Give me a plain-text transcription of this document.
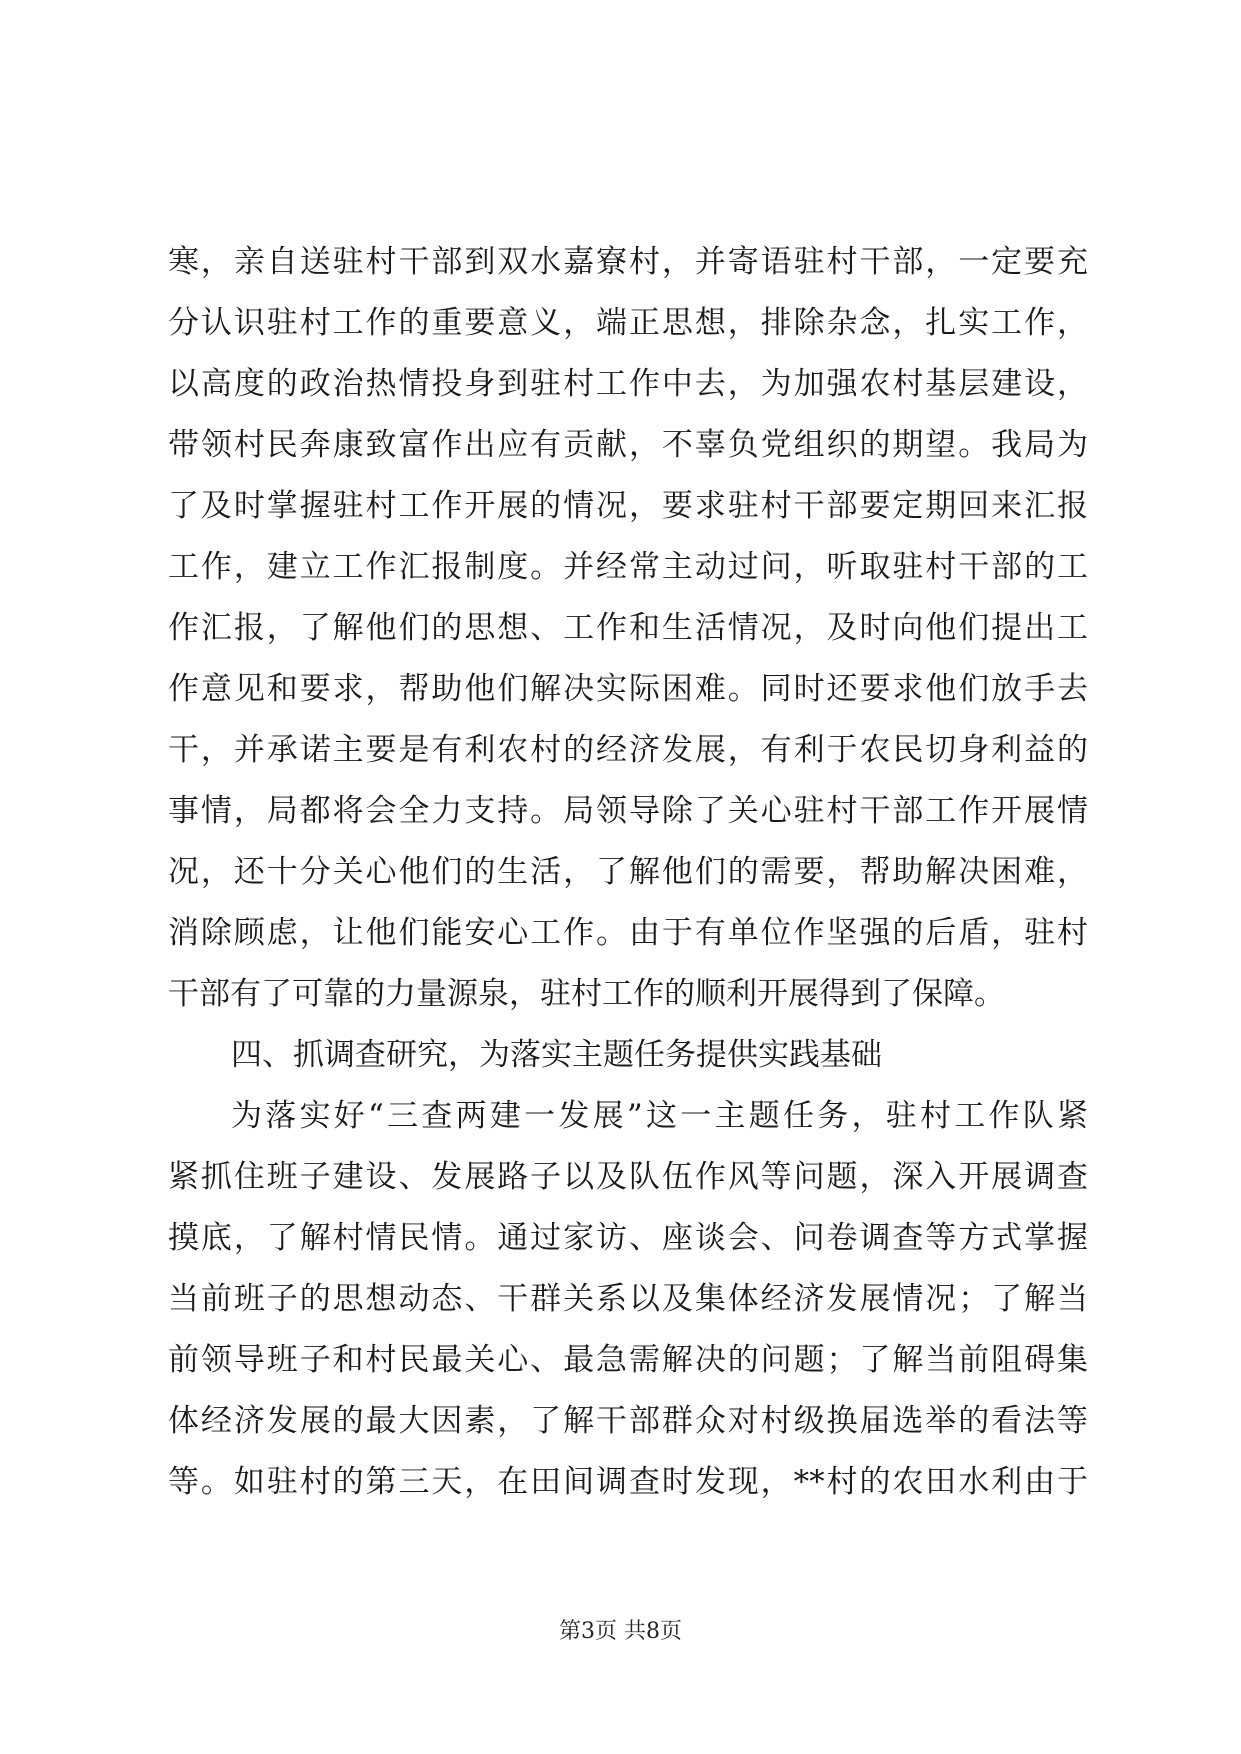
寒，亲自送驻村干部到双水嘉寮村，并寄语驻村干部，一定要充
分认识驻村工作的重要意义，端正思想，排除杂念，扎实工作，
以高度的政治热情投身到驻村工作中去，为加强农村基层建设，
带领村民奔康致富作出应有贡献，不辜负党组织的期望。我局为
了及时掌握驻村工作开展的情况，要求驻村干部要定期回来汇报
工作，建立工作汇报制度。并经常主动过问，听取驻村干部的工
作汇报，了解他们的思想、工作和生活情况，及时向他们提出工
作意见和要求，帮助他们解决实际困难。同时还要求他们放手去
干，并承诺主要是有利农村的经济发展，有利于农民切身利益的
事情，局都将会全力支持。局领导除了关心驻村干部工作开展情
况，还十分关心他们的生活，了解他们的需要，帮助解决困难，
消除顾虑，让他们能安心工作。由于有单位作坚强的后盾，驻村
干部有了可靠的力量源泉，驻村工作的顺利开展得到了保障。
四、抓调查研究，为落实主题任务提供实践基础
为落实好“三查两建一发展”这一主题任务，驻村工作队紧
紧抓住班子建设、发展路子以及队伍作风等问题，深入开展调查
摸底，了解村情民情。通过家访、座谈会、问卷调查等方式掌握
当前班子的思想动态、干群关系以及集体经济发展情况；了解当
前领导班子和村民最关心、最急需解决的问题；了解当前阻碍集
体经济发展的最大因素，了解干部群众对村级换届选举的看法等
等。如驻村的第三天，在田间调查时发现，**村的农田水利由于
第3页 共8页
